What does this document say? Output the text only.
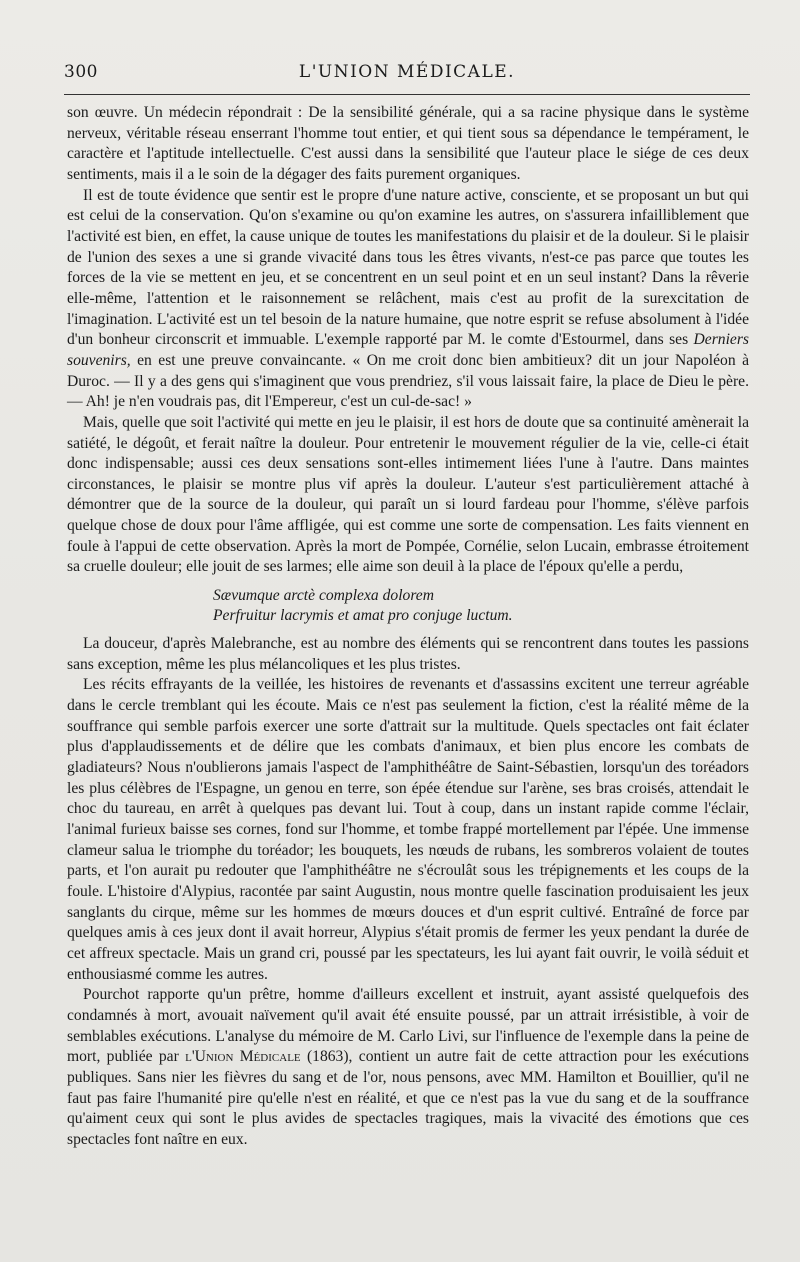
300	L'UNION MÉDICALE.

son œuvre. Un médecin répondrait : De la sensibilité générale, qui a sa racine physique dans le système nerveux, véritable réseau enserrant l'homme tout entier, et qui tient sous sa dépendance le tempérament, le caractère et l'aptitude intellectuelle. C'est aussi dans la sensibilité que l'auteur place le siége de ces deux sentiments, mais il a le soin de la dégager des faits purement organiques.

Il est de toute évidence que sentir est le propre d'une nature active, consciente, et se proposant un but qui est celui de la conservation. Qu'on s'examine ou qu'on examine les autres, on s'assurera infailliblement que l'activité est bien, en effet, la cause unique de toutes les manifestations du plaisir et de la douleur. Si le plaisir de l'union des sexes a une si grande vivacité dans tous les êtres vivants, n'est-ce pas parce que toutes les forces de la vie se mettent en jeu, et se concentrent en un seul point et en un seul instant? Dans la rêverie elle-même, l'attention et le raisonnement se relâchent, mais c'est au profit de la surexcitation de l'imagination. L'activité est un tel besoin de la nature humaine, que notre esprit se refuse absolument à l'idée d'un bonheur circonscrit et immuable. L'exemple rapporté par M. le comte d'Estourmel, dans ses Derniers souvenirs, en est une preuve convaincante. « On me croit donc bien ambitieux? dit un jour Napoléon à Duroc. — Il y a des gens qui s'imaginent que vous prendriez, s'il vous laissait faire, la place de Dieu le père. — Ah! je n'en voudrais pas, dit l'Empereur, c'est un cul-de-sac! »

Mais, quelle que soit l'activité qui mette en jeu le plaisir, il est hors de doute que sa continuité amènerait la satiété, le dégoût, et ferait naître la douleur. Pour entretenir le mouvement régulier de la vie, celle-ci était donc indispensable; aussi ces deux sensations sont-elles intimement liées l'une à l'autre. Dans maintes circonstances, le plaisir se montre plus vif après la douleur. L'auteur s'est particulièrement attaché à démontrer que de la source de la douleur, qui paraît un si lourd fardeau pour l'homme, s'élève parfois quelque chose de doux pour l'âme affligée, qui est comme une sorte de compensation. Les faits viennent en foule à l'appui de cette observation. Après la mort de Pompée, Cornélie, selon Lucain, embrasse étroitement sa cruelle douleur; elle jouit de ses larmes; elle aime son deuil à la place de l'époux qu'elle a perdu,

Sævumque arctè complexa dolorem
Perfruitur lacrymis et amat pro conjuge luctum.

La douceur, d'après Malebranche, est au nombre des éléments qui se rencontrent dans toutes les passions sans exception, même les plus mélancoliques et les plus tristes.

Les récits effrayants de la veillée, les histoires de revenants et d'assassins excitent une terreur agréable dans le cercle tremblant qui les écoute. Mais ce n'est pas seulement la fiction, c'est la réalité même de la souffrance qui semble parfois exercer une sorte d'attrait sur la multitude. Quels spectacles ont fait éclater plus d'applaudissements et de délire que les combats d'animaux, et bien plus encore les combats de gladiateurs? Nous n'oublierons jamais l'aspect de l'amphithéâtre de Saint-Sébastien, lorsqu'un des toréadors les plus célèbres de l'Espagne, un genou en terre, son épée étendue sur l'arène, ses bras croisés, attendait le choc du taureau, en arrêt à quelques pas devant lui. Tout à coup, dans un instant rapide comme l'éclair, l'animal furieux baisse ses cornes, fond sur l'homme, et tombe frappé mortellement par l'épée. Une immense clameur salua le triomphe du toréador; les bouquets, les nœuds de rubans, les sombreros volaient de toutes parts, et l'on aurait pu redouter que l'amphithéâtre ne s'écroulât sous les trépignements et les coups de la foule. L'histoire d'Alypius, racontée par saint Augustin, nous montre quelle fascination produisaient les jeux sanglants du cirque, même sur les hommes de mœurs douces et d'un esprit cultivé. Entraîné de force par quelques amis à ces jeux dont il avait horreur, Alypius s'était promis de fermer les yeux pendant la durée de cet affreux spectacle. Mais un grand cri, poussé par les spectateurs, les lui ayant fait ouvrir, le voilà séduit et enthousiasmé comme les autres.

Pourchot rapporte qu'un prêtre, homme d'ailleurs excellent et instruit, ayant assisté quelquefois des condamnés à mort, avouait naïvement qu'il avait été ensuite poussé, par un attrait irrésistible, à voir de semblables exécutions. L'analyse du mémoire de M. Carlo Livi, sur l'influence de l'exemple dans la peine de mort, publiée par l'Union Médicale (1863), contient un autre fait de cette attraction pour les exécutions publiques. Sans nier les fièvres du sang et de l'or, nous pensons, avec MM. Hamilton et Bouillier, qu'il ne faut pas faire l'humanité pire qu'elle n'est en réalité, et que ce n'est pas la vue du sang et de la souffrance qu'aiment ceux qui sont le plus avides de spectacles tragiques, mais la vivacité des émotions que ces spectacles font naître en eux.
